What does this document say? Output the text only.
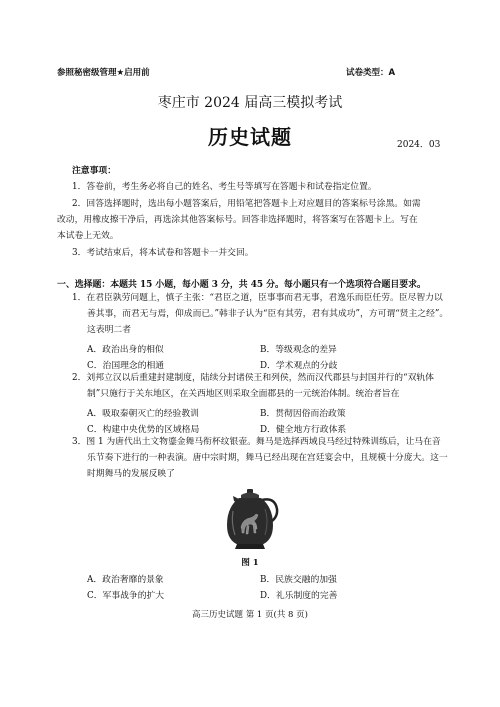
参照秘密级管理★启用前	试卷类型：A
枣庄市 2024 届高三模拟考试
历史试题	2024．03
注意事项：
1．答卷前，考生务必将自己的姓名、考生号等填写在答题卡和试卷指定位置。
2．回答选择题时，选出每小题答案后，用铅笔把答题卡上对应题目的答案标号涂黑。如需
改动，用橡皮擦干净后，再选涂其他答案标号。回答非选择题时，将答案写在答题卡上。写在
本试卷上无效。
3．考试结束后，将本试卷和答题卡一并交回。
一、选择题：本题共 15 小题，每小题 3 分，共 45 分。每小题只有一个选项符合题目要求。
1．在君臣孰劳问题上，慎子主张：“君臣之道，臣事事而君无事，君逸乐而臣任劳。臣尽智力以
善其事，而君无与焉，仰成而已。”韩非子认为“臣有其劳，君有其成功”，方可谓“贤主之经”。
这表明二者
A．政治出身的相似	B．等级观念的差异
C．治国理念的相通	D．学术观点的分歧
2．刘邦立汉以后重建封建制度，陆续分封诸侯王和列侯，然而汉代郡县与封国并行的“双轨体
制”只施行于关东地区，在关西地区则采取全面郡县的一元统治体制。统治者旨在
A．吸取秦朝灭亡的经验教训	B．贯彻因俗而治政策
C．构建中央优势的区域格局	D．健全地方行政体系
3．图 1 为唐代出土文物鎏金舞马衔杯纹银壶。舞马是选择西域良马经过特殊训练后，让马在音
乐节奏下进行的一种表演。唐中宗时期，舞马已经出现在宫廷宴会中，且规模十分庞大。这一
时期舞马的发展反映了
图 1
A．政治奢靡的景象	B．民族交融的加强
C．军事战争的扩大	D．礼乐制度的完善
高三历史试题 第 1 页(共 8 页)
